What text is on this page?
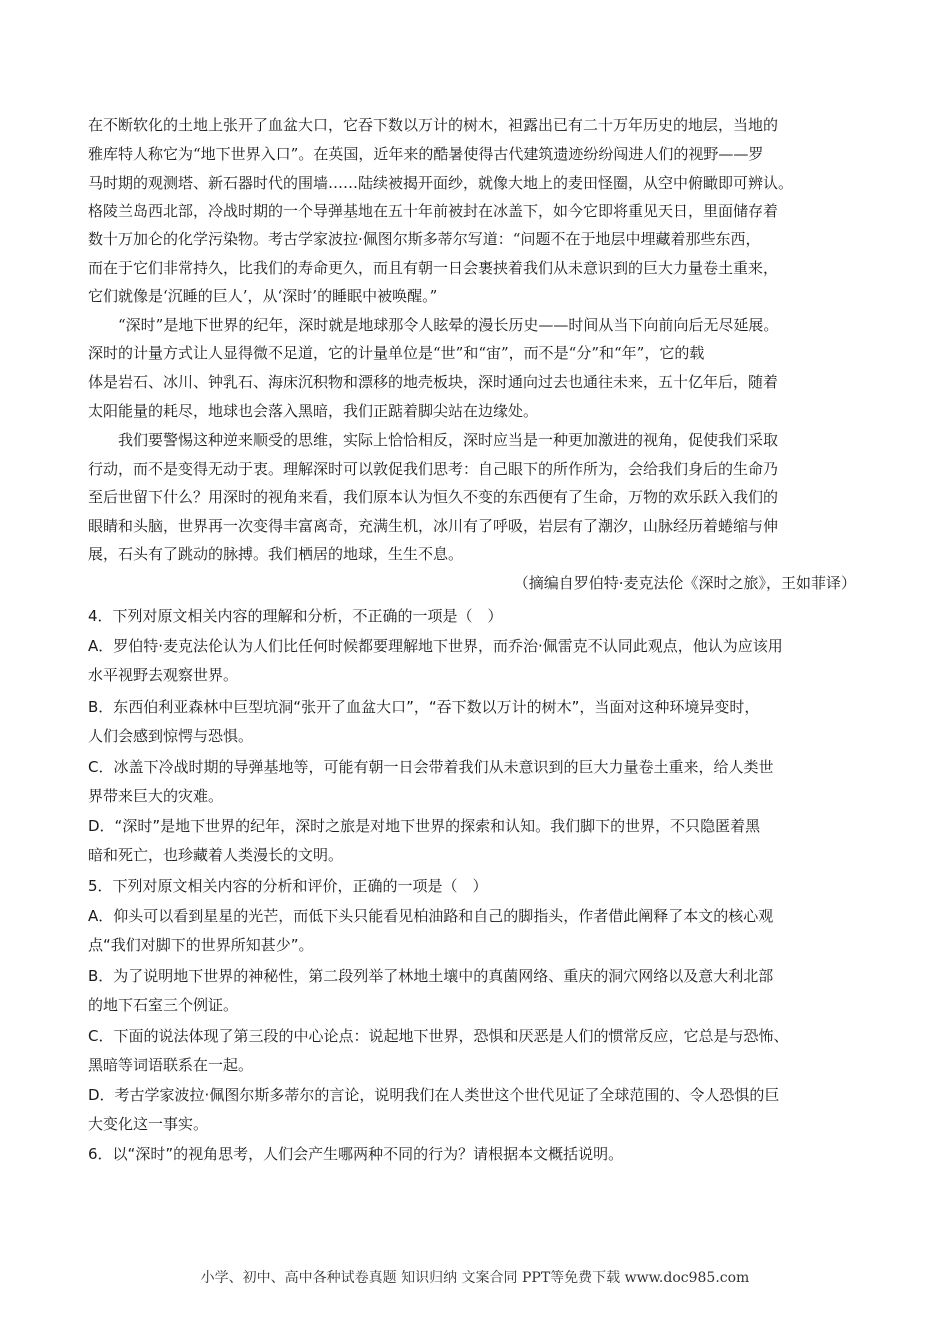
在不断软化的土地上张开了血盆大口，它吞下数以万计的树木，袒露出已有二十万年历史的地层，当地的
雅库特人称它为“地下世界入口”。在英国，近年来的酷暑使得古代建筑遗迹纷纷闯进人们的视野——罗
马时期的观测塔、新石器时代的围墙……陆续被揭开面纱，就像大地上的麦田怪圈，从空中俯瞰即可辨认。
格陵兰岛西北部，冷战时期的一个导弹基地在五十年前被封在冰盖下，如今它即将重见天日，里面储存着
数十万加仑的化学污染物。考古学家波拉·佩图尔斯多蒂尔写道：“问题不在于地层中埋藏着那些东西，
而在于它们非常持久，比我们的寿命更久，而且有朝一日会裹挟着我们从未意识到的巨大力量卷土重来，
它们就像是‘沉睡的巨人’，从‘深时’的睡眠中被唤醒。”
　　“深时”是地下世界的纪年，深时就是地球那令人眩晕的漫长历史——时间从当下向前向后无尽延展。
深时的计量方式让人显得微不足道，它的计量单位是“世”和“宙”，而不是“分”和“年”，它的载
体是岩石、冰川、钟乳石、海床沉积物和漂移的地壳板块，深时通向过去也通往未来，五十亿年后，随着
太阳能量的耗尽，地球也会落入黑暗，我们正踮着脚尖站在边缘处。
　　我们要警惕这种逆来顺受的思维，实际上恰恰相反，深时应当是一种更加激进的视角，促使我们采取
行动，而不是变得无动于衷。理解深时可以敦促我们思考：自己眼下的所作所为，会给我们身后的生命乃
至后世留下什么？用深时的视角来看，我们原本认为恒久不变的东西便有了生命，万物的欢乐跃入我们的
眼睛和头脑，世界再一次变得丰富离奇，充满生机，冰川有了呼吸，岩层有了潮汐，山脉经历着蜷缩与伸
展，石头有了跳动的脉搏。我们栖居的地球，生生不息。
（摘编自罗伯特·麦克法伦《深时之旅》，王如菲译）
4．下列对原文相关内容的理解和分析，不正确的一项是（　）
A．罗伯特·麦克法伦认为人们比任何时候都要理解地下世界，而乔治·佩雷克不认同此观点，他认为应该用
水平视野去观察世界。
B．东西伯利亚森林中巨型坑洞“张开了血盆大口”，“吞下数以万计的树木”，当面对这种环境异变时，
人们会感到惊愕与恐惧。
C．冰盖下冷战时期的导弹基地等，可能有朝一日会带着我们从未意识到的巨大力量卷土重来，给人类世
界带来巨大的灾难。
D．“深时”是地下世界的纪年，深时之旅是对地下世界的探索和认知。我们脚下的世界，不只隐匿着黑
暗和死亡，也珍藏着人类漫长的文明。
5．下列对原文相关内容的分析和评价，正确的一项是（　）
A．仰头可以看到星星的光芒，而低下头只能看见柏油路和自己的脚指头，作者借此阐释了本文的核心观
点“我们对脚下的世界所知甚少”。
B．为了说明地下世界的神秘性，第二段列举了林地土壤中的真菌网络、重庆的洞穴网络以及意大利北部
的地下石室三个例证。
C．下面的说法体现了第三段的中心论点：说起地下世界，恐惧和厌恶是人们的惯常反应，它总是与恐怖、
黑暗等词语联系在一起。
D．考古学家波拉·佩图尔斯多蒂尔的言论，说明我们在人类世这个世代见证了全球范围的、令人恐惧的巨
大变化这一事实。
6．以“深时”的视角思考，人们会产生哪两种不同的行为？请根据本文概括说明。
小学、初中、高中各种试卷真题 知识归纳 文案合同 PPT等免费下载 www.doc985.com
